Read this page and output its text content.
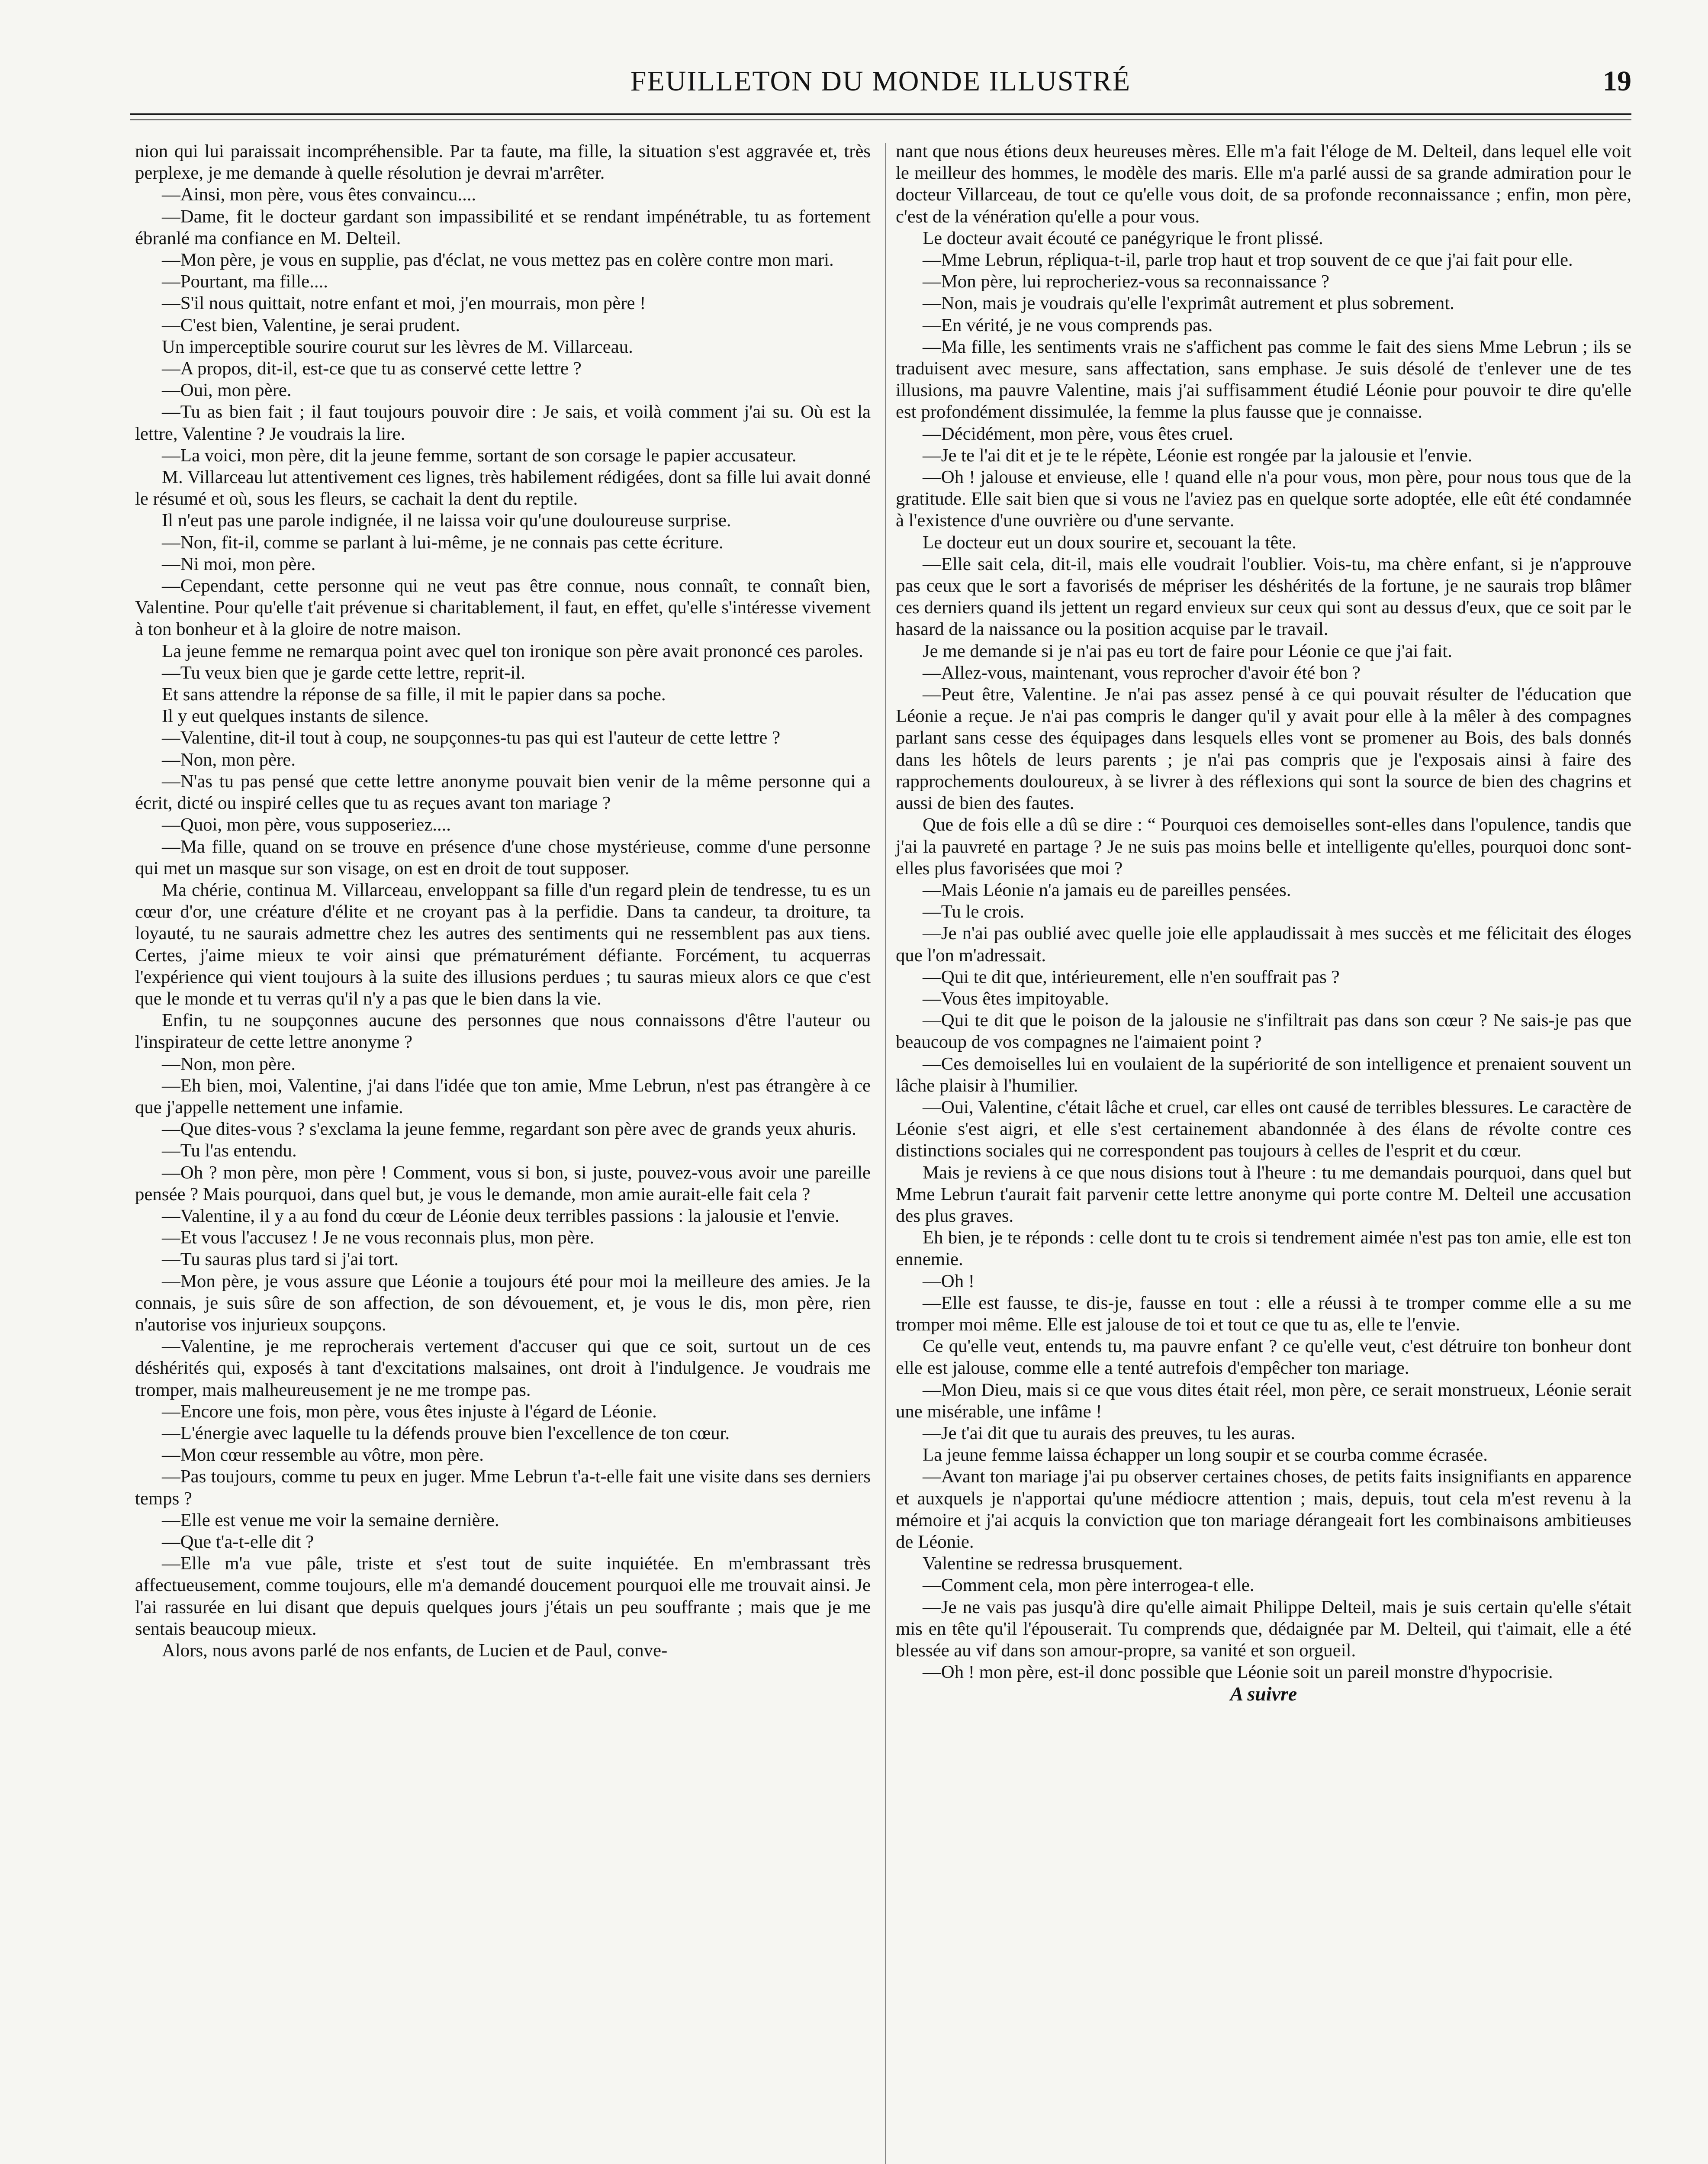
FEUILLETON DU MONDE ILLUSTRÉ	19

nion qui lui paraissait incompréhensible. Par ta faute, ma fille, la situation s'est aggravée et, très perplexe, je me demande à quelle résolution je devrai m'arrêter.

—Ainsi, mon père, vous êtes convaincu....

—Dame, fit le docteur gardant son impassibilité et se rendant impénétrable, tu as fortement ébranlé ma confiance en M. Delteil.

—Mon père, je vous en supplie, pas d'éclat, ne vous mettez pas en colère contre mon mari.

—Pourtant, ma fille....

—S'il nous quittait, notre enfant et moi, j'en mourrais, mon père !

—C'est bien, Valentine, je serai prudent.

Un imperceptible sourire courut sur les lèvres de M. Villarceau.

—A propos, dit-il, est-ce que tu as conservé cette lettre ?

—Oui, mon père.

—Tu as bien fait ; il faut toujours pouvoir dire : Je sais, et voilà comment j'ai su. Où est la lettre, Valentine ? Je voudrais la lire.

—La voici, mon père, dit la jeune femme, sortant de son corsage le papier accusateur.

M. Villarceau lut attentivement ces lignes, très habilement rédigées, dont sa fille lui avait donné le résumé et où, sous les fleurs, se cachait la dent du reptile.

Il n'eut pas une parole indignée, il ne laissa voir qu'une douloureuse surprise.

—Non, fit-il, comme se parlant à lui-même, je ne connais pas cette écriture.

—Ni moi, mon père.

—Cependant, cette personne qui ne veut pas être connue, nous connaît, te connaît bien, Valentine. Pour qu'elle t'ait prévenue si charitablement, il faut, en effet, qu'elle s'intéresse vivement à ton bonheur et à la gloire de notre maison.

La jeune femme ne remarqua point avec quel ton ironique son père avait prononcé ces paroles.

—Tu veux bien que je garde cette lettre, reprit-il.

Et sans attendre la réponse de sa fille, il mit le papier dans sa poche.

Il y eut quelques instants de silence.

—Valentine, dit-il tout à coup, ne soupçonnes-tu pas qui est l'auteur de cette lettre ?

—Non, mon père.

—N'as tu pas pensé que cette lettre anonyme pouvait bien venir de la même personne qui a écrit, dicté ou inspiré celles que tu as reçues avant ton mariage ?

—Quoi, mon père, vous supposeriez....

—Ma fille, quand on se trouve en présence d'une chose mystérieuse, comme d'une personne qui met un masque sur son visage, on est en droit de tout supposer.

Ma chérie, continua M. Villarceau, enveloppant sa fille d'un regard plein de tendresse, tu es un cœur d'or, une créature d'élite et ne croyant pas à la perfidie. Dans ta candeur, ta droiture, ta loyauté, tu ne saurais admettre chez les autres des sentiments qui ne ressemblent pas aux tiens. Certes, j'aime mieux te voir ainsi que prématurément défiante. Forcément, tu acquerras l'expérience qui vient toujours à la suite des illusions perdues ; tu sauras mieux alors ce que c'est que le monde et tu verras qu'il n'y a pas que le bien dans la vie.

Enfin, tu ne soupçonnes aucune des personnes que nous connaissons d'être l'auteur ou l'inspirateur de cette lettre anonyme ?

—Non, mon père.

—Eh bien, moi, Valentine, j'ai dans l'idée que ton amie, Mme Lebrun, n'est pas étrangère à ce que j'appelle nettement une infamie.

—Que dites-vous ? s'exclama la jeune femme, regardant son père avec de grands yeux ahuris.

—Tu l'as entendu.

—Oh ? mon père, mon père ! Comment, vous si bon, si juste, pouvez-vous avoir une pareille pensée ? Mais pourquoi, dans quel but, je vous le demande, mon amie aurait-elle fait cela ?

—Valentine, il y a au fond du cœur de Léonie deux terribles passions : la jalousie et l'envie.

—Et vous l'accusez ! Je ne vous reconnais plus, mon père.

—Tu sauras plus tard si j'ai tort.

—Mon père, je vous assure que Léonie a toujours été pour moi la meilleure des amies. Je la connais, je suis sûre de son affection, de son dévouement, et, je vous le dis, mon père, rien n'autorise vos injurieux soupçons.

—Valentine, je me reprocherais vertement d'accuser qui que ce soit, surtout un de ces déshérités qui, exposés à tant d'excitations malsaines, ont droit à l'indulgence. Je voudrais me tromper, mais malheureusement je ne me trompe pas.

—Encore une fois, mon père, vous êtes injuste à l'égard de Léonie.

—L'énergie avec laquelle tu la défends prouve bien l'excellence de ton cœur.

—Mon cœur ressemble au vôtre, mon père.

—Pas toujours, comme tu peux en juger. Mme Lebrun t'a-t-elle fait une visite dans ses derniers temps ?

—Elle est venue me voir la semaine dernière.

—Que t'a-t-elle dit ?

—Elle m'a vue pâle, triste et s'est tout de suite inquiétée. En m'embrassant très affectueusement, comme toujours, elle m'a demandé doucement pourquoi elle me trouvait ainsi. Je l'ai rassurée en lui disant que depuis quelques jours j'étais un peu souffrante ; mais que je me sentais beaucoup mieux.

Alors, nous avons parlé de nos enfants, de Lucien et de Paul, conve-

nant que nous étions deux heureuses mères. Elle m'a fait l'éloge de M. Delteil, dans lequel elle voit le meilleur des hommes, le modèle des maris. Elle m'a parlé aussi de sa grande admiration pour le docteur Villarceau, de tout ce qu'elle vous doit, de sa profonde reconnaissance ; enfin, mon père, c'est de la vénération qu'elle a pour vous.

Le docteur avait écouté ce panégyrique le front plissé.

—Mme Lebrun, répliqua-t-il, parle trop haut et trop souvent de ce que j'ai fait pour elle.

—Mon père, lui reprocheriez-vous sa reconnaissance ?

—Non, mais je voudrais qu'elle l'exprimât autrement et plus sobrement.

—En vérité, je ne vous comprends pas.

—Ma fille, les sentiments vrais ne s'affichent pas comme le fait des siens Mme Lebrun ; ils se traduisent avec mesure, sans affectation, sans emphase. Je suis désolé de t'enlever une de tes illusions, ma pauvre Valentine, mais j'ai suffisamment étudié Léonie pour pouvoir te dire qu'elle est profondément dissimulée, la femme la plus fausse que je connaisse.

—Décidément, mon père, vous êtes cruel.

—Je te l'ai dit et je te le répète, Léonie est rongée par la jalousie et l'envie.

—Oh ! jalouse et envieuse, elle ! quand elle n'a pour vous, mon père, pour nous tous que de la gratitude. Elle sait bien que si vous ne l'aviez pas en quelque sorte adoptée, elle eût été condamnée à l'existence d'une ouvrière ou d'une servante.

Le docteur eut un doux sourire et, secouant la tête.

—Elle sait cela, dit-il, mais elle voudrait l'oublier. Vois-tu, ma chère enfant, si je n'approuve pas ceux que le sort a favorisés de mépriser les déshérités de la fortune, je ne saurais trop blâmer ces derniers quand ils jettent un regard envieux sur ceux qui sont au dessus d'eux, que ce soit par le hasard de la naissance ou la position acquise par le travail.

Je me demande si je n'ai pas eu tort de faire pour Léonie ce que j'ai fait.

—Allez-vous, maintenant, vous reprocher d'avoir été bon ?

—Peut être, Valentine. Je n'ai pas assez pensé à ce qui pouvait résulter de l'éducation que Léonie a reçue. Je n'ai pas compris le danger qu'il y avait pour elle à la mêler à des compagnes parlant sans cesse des équipages dans lesquels elles vont se promener au Bois, des bals donnés dans les hôtels de leurs parents ; je n'ai pas compris que je l'exposais ainsi à faire des rapprochements douloureux, à se livrer à des réflexions qui sont la source de bien des chagrins et aussi de bien des fautes.

Que de fois elle a dû se dire : “ Pourquoi ces demoiselles sont-elles dans l'opulence, tandis que j'ai la pauvreté en partage ? Je ne suis pas moins belle et intelligente qu'elles, pourquoi donc sont-elles plus favorisées que moi ?

—Mais Léonie n'a jamais eu de pareilles pensées.

—Tu le crois.

—Je n'ai pas oublié avec quelle joie elle applaudissait à mes succès et me félicitait des éloges que l'on m'adressait.

—Qui te dit que, intérieurement, elle n'en souffrait pas ?

—Vous êtes impitoyable.

—Qui te dit que le poison de la jalousie ne s'infiltrait pas dans son cœur ? Ne sais-je pas que beaucoup de vos compagnes ne l'aimaient point ?

—Ces demoiselles lui en voulaient de la supériorité de son intelligence et prenaient souvent un lâche plaisir à l'humilier.

—Oui, Valentine, c'était lâche et cruel, car elles ont causé de terribles blessures. Le caractère de Léonie s'est aigri, et elle s'est certainement abandonnée à des élans de révolte contre ces distinctions sociales qui ne correspondent pas toujours à celles de l'esprit et du cœur.

Mais je reviens à ce que nous disions tout à l'heure : tu me demandais pourquoi, dans quel but Mme Lebrun t'aurait fait parvenir cette lettre anonyme qui porte contre M. Delteil une accusation des plus graves.

Eh bien, je te réponds : celle dont tu te crois si tendrement aimée n'est pas ton amie, elle est ton ennemie.

—Oh !

—Elle est fausse, te dis-je, fausse en tout : elle a réussi à te tromper comme elle a su me tromper moi même. Elle est jalouse de toi et tout ce que tu as, elle te l'envie.

Ce qu'elle veut, entends tu, ma pauvre enfant ? ce qu'elle veut, c'est détruire ton bonheur dont elle est jalouse, comme elle a tenté autrefois d'empêcher ton mariage.

—Mon Dieu, mais si ce que vous dites était réel, mon père, ce serait monstrueux, Léonie serait une misérable, une infâme !

—Je t'ai dit que tu aurais des preuves, tu les auras.

La jeune femme laissa échapper un long soupir et se courba comme écrasée.

—Avant ton mariage j'ai pu observer certaines choses, de petits faits insignifiants en apparence et auxquels je n'apportai qu'une médiocre attention ; mais, depuis, tout cela m'est revenu à la mémoire et j'ai acquis la conviction que ton mariage dérangeait fort les combinaisons ambitieuses de Léonie.

Valentine se redressa brusquement.

—Comment cela, mon père interrogea-t elle.

—Je ne vais pas jusqu'à dire qu'elle aimait Philippe Delteil, mais je suis certain qu'elle s'était mis en tête qu'il l'épouserait. Tu comprends que, dédaignée par M. Delteil, qui t'aimait, elle a été blessée au vif dans son amour-propre, sa vanité et son orgueil.

—Oh ! mon père, est-il donc possible que Léonie soit un pareil monstre d'hypocrisie.

A suivre
